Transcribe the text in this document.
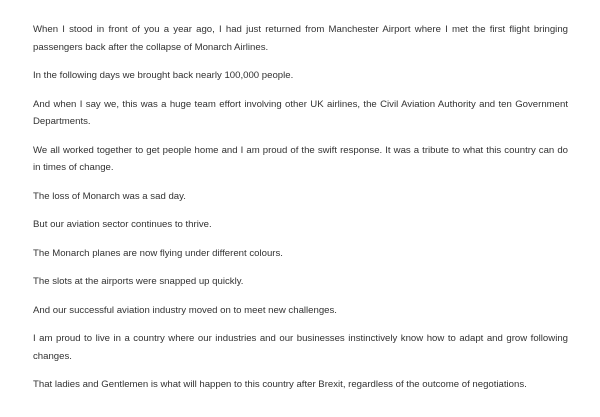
When I stood in front of you a year ago, I had just returned from Manchester Airport where I met the first flight bringing
passengers back after the collapse of Monarch Airlines.
In the following days we brought back nearly 100,000 people.
And when I say we, this was a huge team effort involving other UK airlines, the Civil Aviation Authority and ten Government
Departments.
We all worked together to get people home and I am proud of the swift response. It was a tribute to what this country can do
in times of change.
The loss of Monarch was a sad day.
But our aviation sector continues to thrive.
The Monarch planes are now flying under different colours.
The slots at the airports were snapped up quickly.
And our successful aviation industry moved on to meet new challenges.
I am proud to live in a country where our industries and our businesses instinctively know how to adapt and grow following
changes.
That ladies and Gentlemen is what will happen to this country after Brexit, regardless of the outcome of negotiations.
